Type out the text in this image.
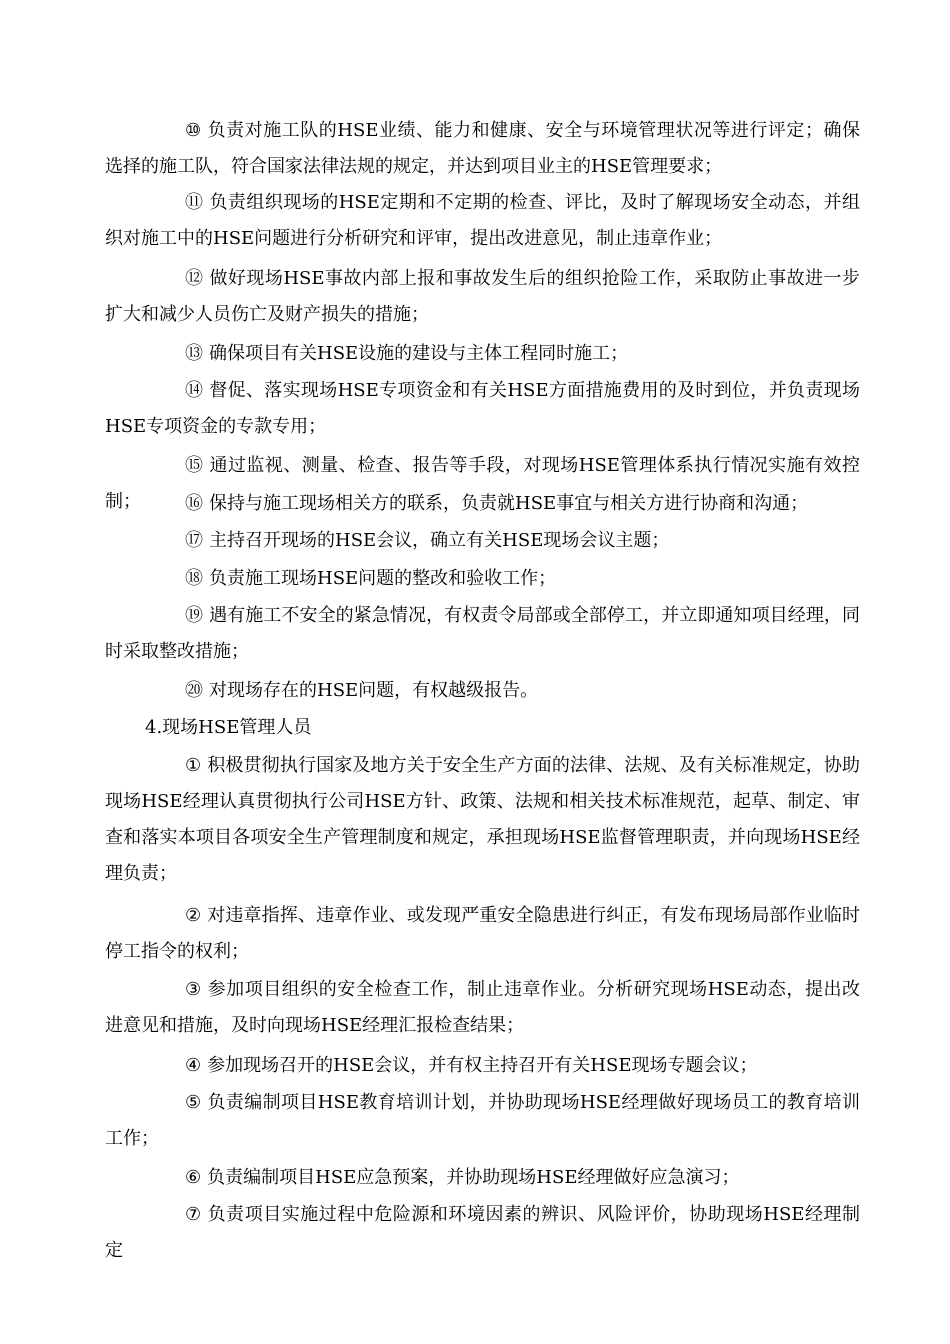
⑩ 负责对施工队的HSE业绩、能力和健康、安全与环境管理状况等进行评定；确保选择的施工队，符合国家法律法规的规定，并达到项目业主的HSE管理要求；

⑪ 负责组织现场的HSE定期和不定期的检查、评比，及时了解现场安全动态，并组织对施工中的HSE问题进行分析研究和评审，提出改进意见，制止违章作业；

⑫ 做好现场HSE事故内部上报和事故发生后的组织抢险工作，采取防止事故进一步扩大和减少人员伤亡及财产损失的措施；

⑬ 确保项目有关HSE设施的建设与主体工程同时施工；

⑭ 督促、落实现场HSE专项资金和有关HSE方面措施费用的及时到位，并负责现场HSE专项资金的专款专用；

⑮ 通过监视、测量、检查、报告等手段，对现场HSE管理体系执行情况实施有效控制；	⑯ 保持与施工现场相关方的联系，负责就HSE事宜与相关方进行协商和沟通；

⑰ 主持召开现场的HSE会议，确立有关HSE现场会议主题；

⑱ 负责施工现场HSE问题的整改和验收工作；

⑲ 遇有施工不安全的紧急情况，有权责令局部或全部停工，并立即通知项目经理，同时采取整改措施；

⑳ 对现场存在的HSE问题，有权越级报告。

4.现场HSE管理人员

① 积极贯彻执行国家及地方关于安全生产方面的法律、法规、及有关标准规定，协助现场HSE经理认真贯彻执行公司HSE方针、政策、法规和相关技术标准规范，起草、制定、审查和落实本项目各项安全生产管理制度和规定，承担现场HSE监督管理职责，并向现场HSE经理负责；

② 对违章指挥、违章作业、或发现严重安全隐患进行纠正，有发布现场局部作业临时停工指令的权利；

③ 参加项目组织的安全检查工作，制止违章作业。分析研究现场HSE动态，提出改进意见和措施，及时向现场HSE经理汇报检查结果；

④ 参加现场召开的HSE会议，并有权主持召开有关HSE现场专题会议；

⑤ 负责编制项目HSE教育培训计划，并协助现场HSE经理做好现场员工的教育培训工作；

⑥ 负责编制项目HSE应急预案，并协助现场HSE经理做好应急演习；

⑦ 负责项目实施过程中危险源和环境因素的辨识、风险评价，协助现场HSE经理制定
